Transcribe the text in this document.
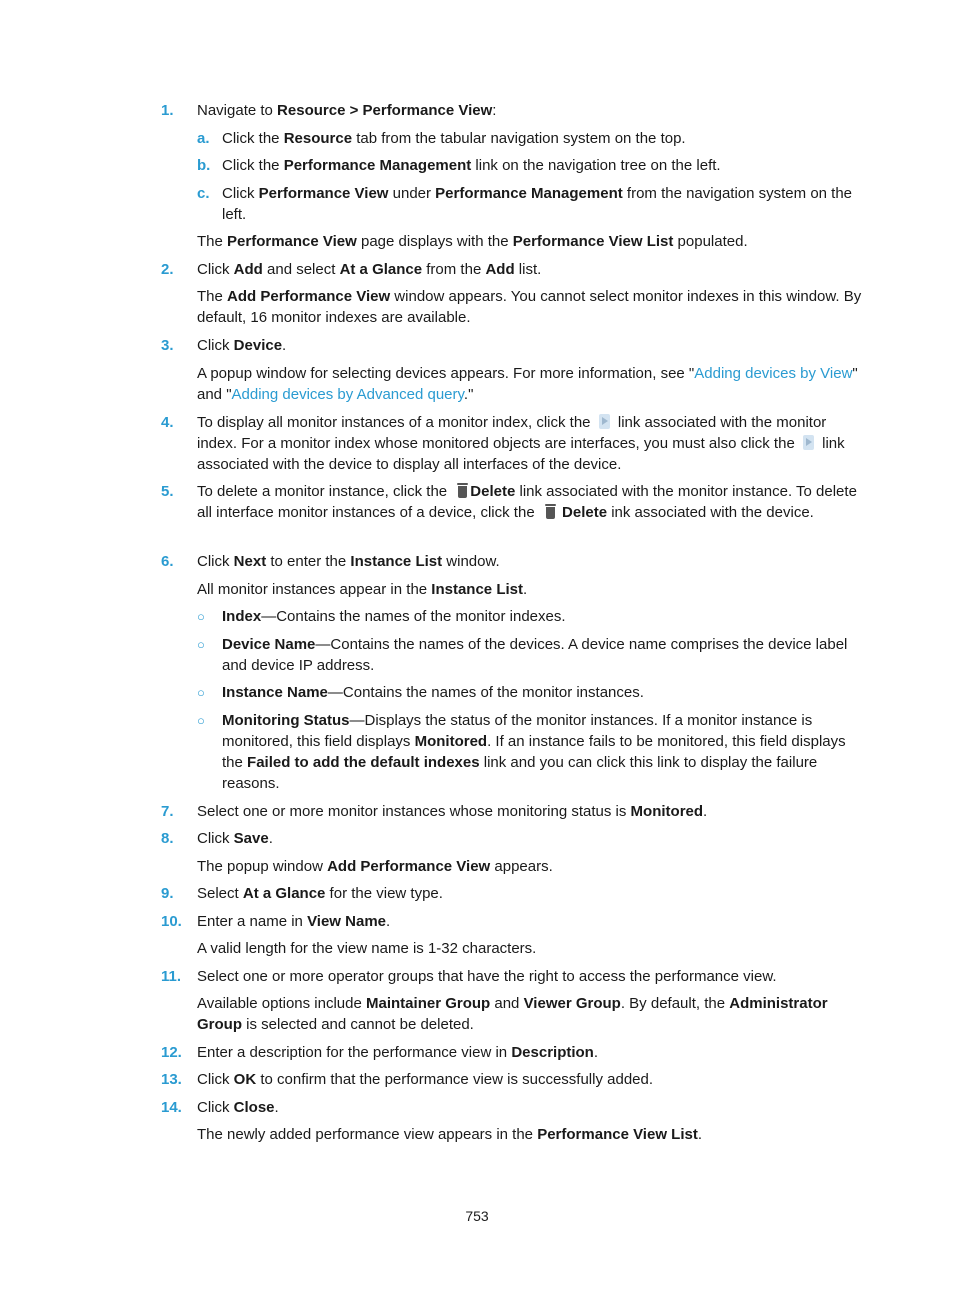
1. Navigate to Resource > Performance View:
a. Click the Resource tab from the tabular navigation system on the top.
b. Click the Performance Management link on the navigation tree on the left.
c. Click Performance View under Performance Management from the navigation system on the left.
The Performance View page displays with the Performance View List populated.
2. Click Add and select At a Glance from the Add list.
The Add Performance View window appears. You cannot select monitor indexes in this window. By default, 16 monitor indexes are available.
3. Click Device.
A popup window for selecting devices appears. For more information, see "Adding devices by View" and "Adding devices by Advanced query."
4. To display all monitor instances of a monitor index, click the  link associated with the monitor index. For a monitor index whose monitored objects are interfaces, you must also click the  link associated with the device to display all interfaces of the device.
5. To delete a monitor instance, click the Delete link associated with the monitor instance. To delete all interface monitor instances of a device, click the  Delete ink associated with the device.
6. Click Next to enter the Instance List window.
All monitor instances appear in the Instance List.
○ Index—Contains the names of the monitor indexes.
○ Device Name—Contains the names of the devices. A device name comprises the device label and device IP address.
○ Instance Name—Contains the names of the monitor instances.
○ Monitoring Status—Displays the status of the monitor instances. If a monitor instance is monitored, this field displays Monitored. If an instance fails to be monitored, this field displays the Failed to add the default indexes link and you can click this link to display the failure reasons.
7. Select one or more monitor instances whose monitoring status is Monitored.
8. Click Save.
The popup window Add Performance View appears.
9. Select At a Glance for the view type.
10. Enter a name in View Name.
A valid length for the view name is 1-32 characters.
11. Select one or more operator groups that have the right to access the performance view.
Available options include Maintainer Group and Viewer Group. By default, the Administrator Group is selected and cannot be deleted.
12. Enter a description for the performance view in Description.
13. Click OK to confirm that the performance view is successfully added.
14. Click Close.
The newly added performance view appears in the Performance View List.
753
